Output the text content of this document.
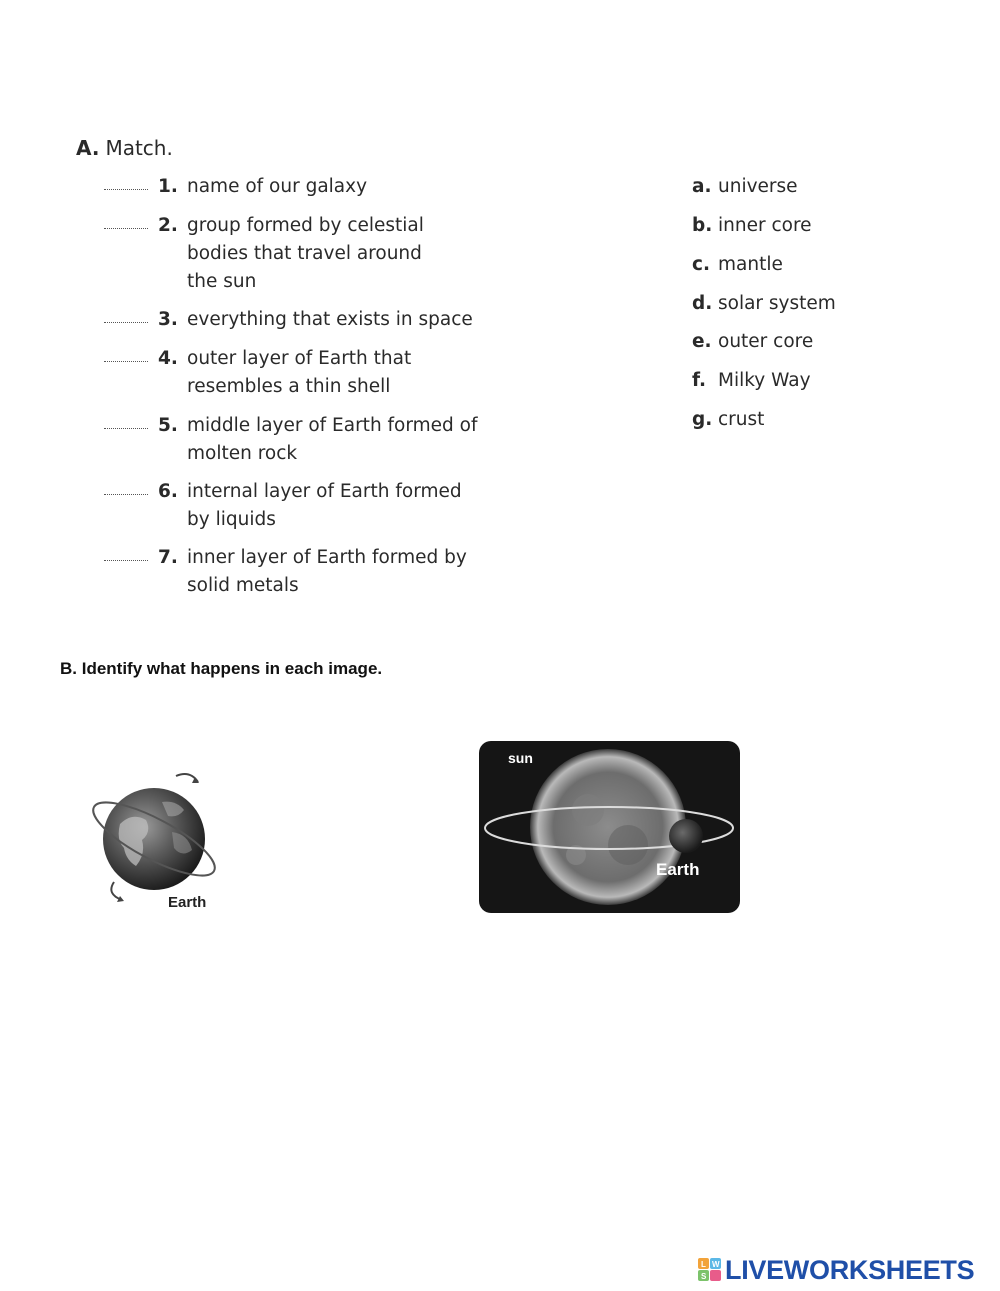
A. Match.
1. name of our galaxy
2. group formed by celestial
bodies that travel around
the sun
3. everything that exists in space
4. outer layer of Earth that
resembles a thin shell
5. middle layer of Earth formed of
molten rock
6. internal layer of Earth formed
by liquids
7. inner layer of Earth formed by
solid metals
a. universe
b. inner core
c. mantle
d. solar system
e. outer core
f. Milky Way
g. crust
B. Identify what happens in each image.
Earth
sun
Earth
L W
S LIVEWORKSHEETS
